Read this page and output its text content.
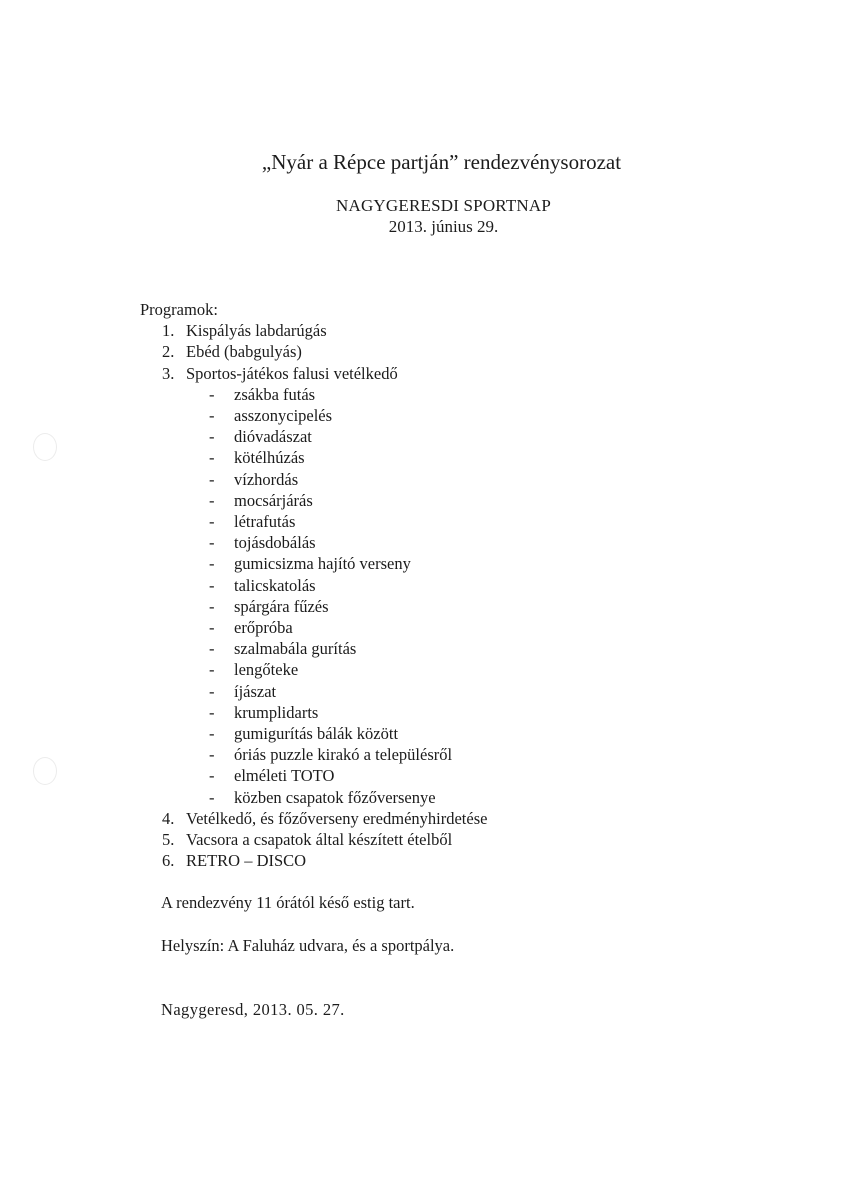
„Nyár a Répce partján” rendezvénysorozat
NAGYGERESDI SPORTNAP
2013. június 29.

Programok:

1. Kispályás labdarúgás
2. Ebéd (babgulyás)
3. Sportos-játékos falusi vetélkedő
- zsákba futás
- asszonycipelés
- dióvadászat
- kötélhúzás
- vízhordás
- mocsárjárás
- létrafutás
- tojásdobálás
- gumicsizma hajító verseny
- talicskatolás
- spárgára fűzés
- erőpróba
- szalmabála gurítás
- lengőteke
- íjászat
- krumplidarts
- gumigurítás bálák között
- óriás puzzle kirakó a településről
- elméleti TOTO
- közben csapatok főzőversenye
4. Vetélkedő, és főzőverseny eredményhirdetése
5. Vacsora a csapatok által készített ételből
6. RETRO – DISCO
A rendezvény 11 órától késő estig tart.
Helyszín: A Faluház udvara, és a sportpálya.
Nagygeresd, 2013. 05. 27.
